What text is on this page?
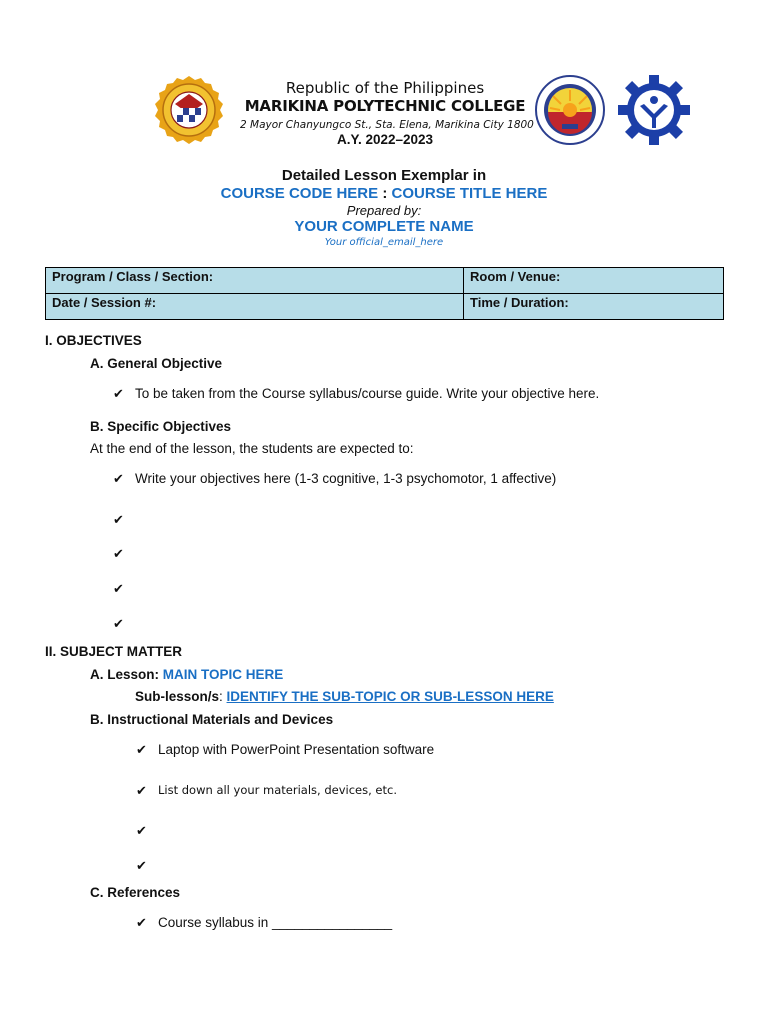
Republic of the Philippines
MARIKINA POLYTECHNIC COLLEGE
2 Mayor Chanyungco St., Sta. Elena, Marikina City 1800
A.Y. 2022–2023
Detailed Lesson Exemplar in
COURSE CODE HERE : COURSE TITLE HERE
Prepared by:
YOUR COMPLETE NAME
Your official_email_here
Program / Class / Section:	Room / Venue:
Date / Session #:	Time / Duration:
I. OBJECTIVES
A. General Objective
✔ To be taken from the Course syllabus/course guide. Write your objective here.
B. Specific Objectives
At the end of the lesson, the students are expected to:
✔ Write your objectives here (1-3 cognitive, 1-3 psychomotor, 1 affective)
✔
✔
✔
✔
II. SUBJECT MATTER
A. Lesson: MAIN TOPIC HERE
Sub-lesson/s: IDENTIFY THE SUB-TOPIC OR SUB-LESSON HERE
B. Instructional Materials and Devices
✔ Laptop with PowerPoint Presentation software
✔ List down all your materials, devices, etc.
✔
✔
C. References
✔ Course syllabus in ________________
